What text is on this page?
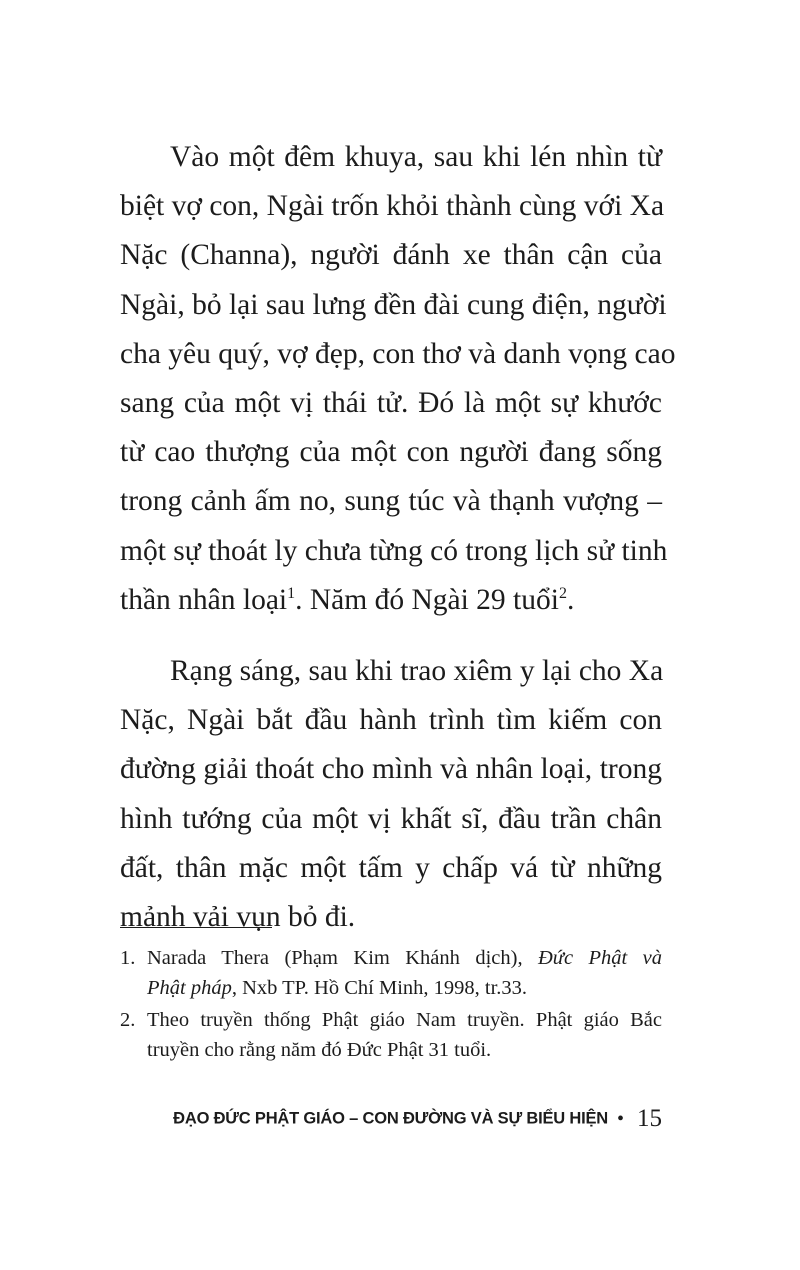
Vào một đêm khuya, sau khi lén nhìn từ
biệt vợ con, Ngài trốn khỏi thành cùng với Xa
Nặc (Channa), người đánh xe thân cận của
Ngài, bỏ lại sau lưng đền đài cung điện, người
cha yêu quý, vợ đẹp, con thơ và danh vọng cao
sang của một vị thái tử. Đó là một sự khước
từ cao thượng của một con người đang sống
trong cảnh ấm no, sung túc và thạnh vượng –
một sự thoát ly chưa từng có trong lịch sử tinh
thần nhân loại$^1$. Năm đó Ngài 29 tuổi$^2$.

Rạng sáng, sau khi trao xiêm y lại cho Xa
Nặc, Ngài bắt đầu hành trình tìm kiếm con
đường giải thoát cho mình và nhân loại, trong
hình tướng của một vị khất sĩ, đầu trần chân
đất, thân mặc một tấm y chấp vá từ những
mảnh vải vụn bỏ đi.

1. Narada Thera (Phạm Kim Khánh dịch), Đức Phật và
Phật pháp, Nxb TP. Hồ Chí Minh, 1998, tr.33.
2. Theo truyền thống Phật giáo Nam truyền. Phật giáo Bắc
truyền cho rằng năm đó Đức Phật 31 tuổi.
ĐẠO ĐỨC PHẬT GIÁO – CON ĐƯỜNG VÀ SỰ BIỂU HIỆN • 15
